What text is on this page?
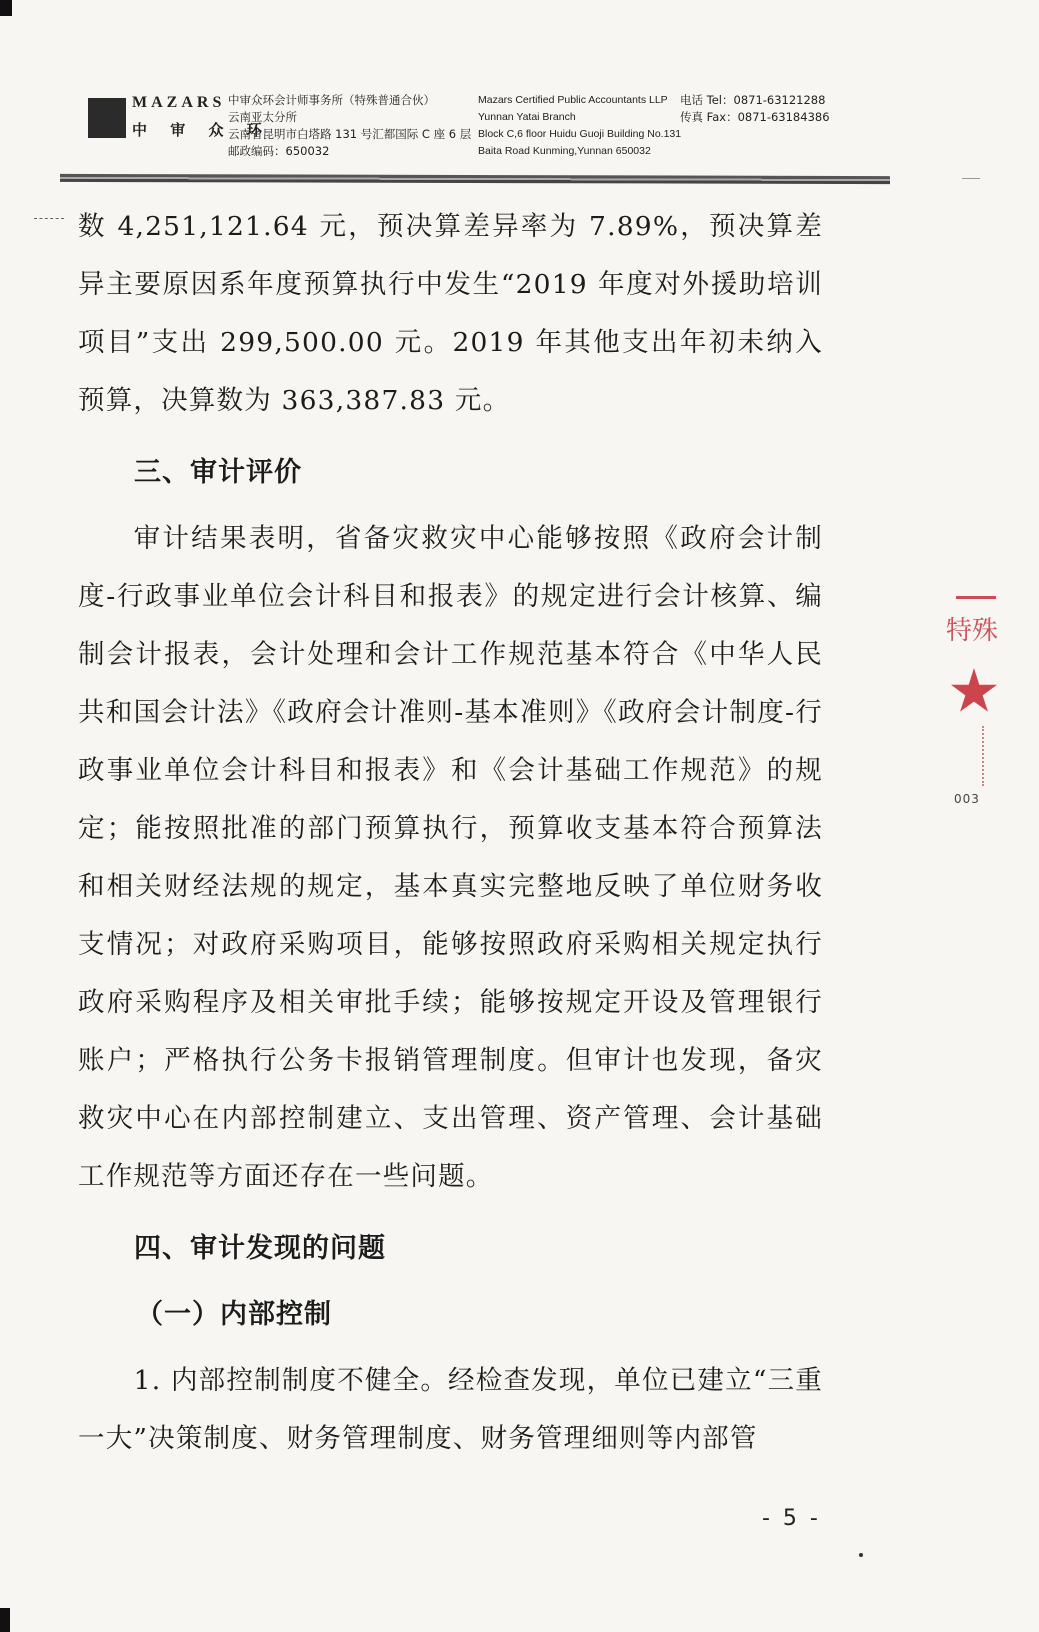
MAZARS
中 审 众 环
中审众环会计师事务所（特殊普通合伙）
云南亚太分所
云南省昆明市白塔路 131 号汇都国际 C 座 6 层
邮政编码：650032
Mazars Certified Public Accountants LLP
Yunnan Yatai Branch
Block C,6 floor Huidu Guoji Building No.131
Baita Road Kunming,Yunnan 650032
电话 Tel：0871-63121288
传真 Fax：0871-63184386

数 4,251,121.64 元，预决算差异率为 7.89%，预决算差异主要原因系年度预算执行中发生“2019 年度对外援助培训项目”支出 299,500.00 元。2019 年其他支出年初未纳入预算，决算数为 363,387.83 元。

三、审计评价

审计结果表明，省备灾救灾中心能够按照《政府会计制度-行政事业单位会计科目和报表》的规定进行会计核算、编制会计报表，会计处理和会计工作规范基本符合《中华人民共和国会计法》《政府会计准则-基本准则》《政府会计制度-行政事业单位会计科目和报表》和《会计基础工作规范》的规定；能按照批准的部门预算执行，预算收支基本符合预算法和相关财经法规的规定，基本真实完整地反映了单位财务收支情况；对政府采购项目，能够按照政府采购相关规定执行政府采购程序及相关审批手续；能够按规定开设及管理银行账户；严格执行公务卡报销管理制度。但审计也发现，备灾救灾中心在内部控制建立、支出管理、资产管理、会计基础工作规范等方面还存在一些问题。

四、审计发现的问题
（一）内部控制

1. 内部控制制度不健全。经检查发现，单位已建立“三重一大”决策制度、财务管理制度、财务管理细则等内部管

特殊
003
- 5 -
